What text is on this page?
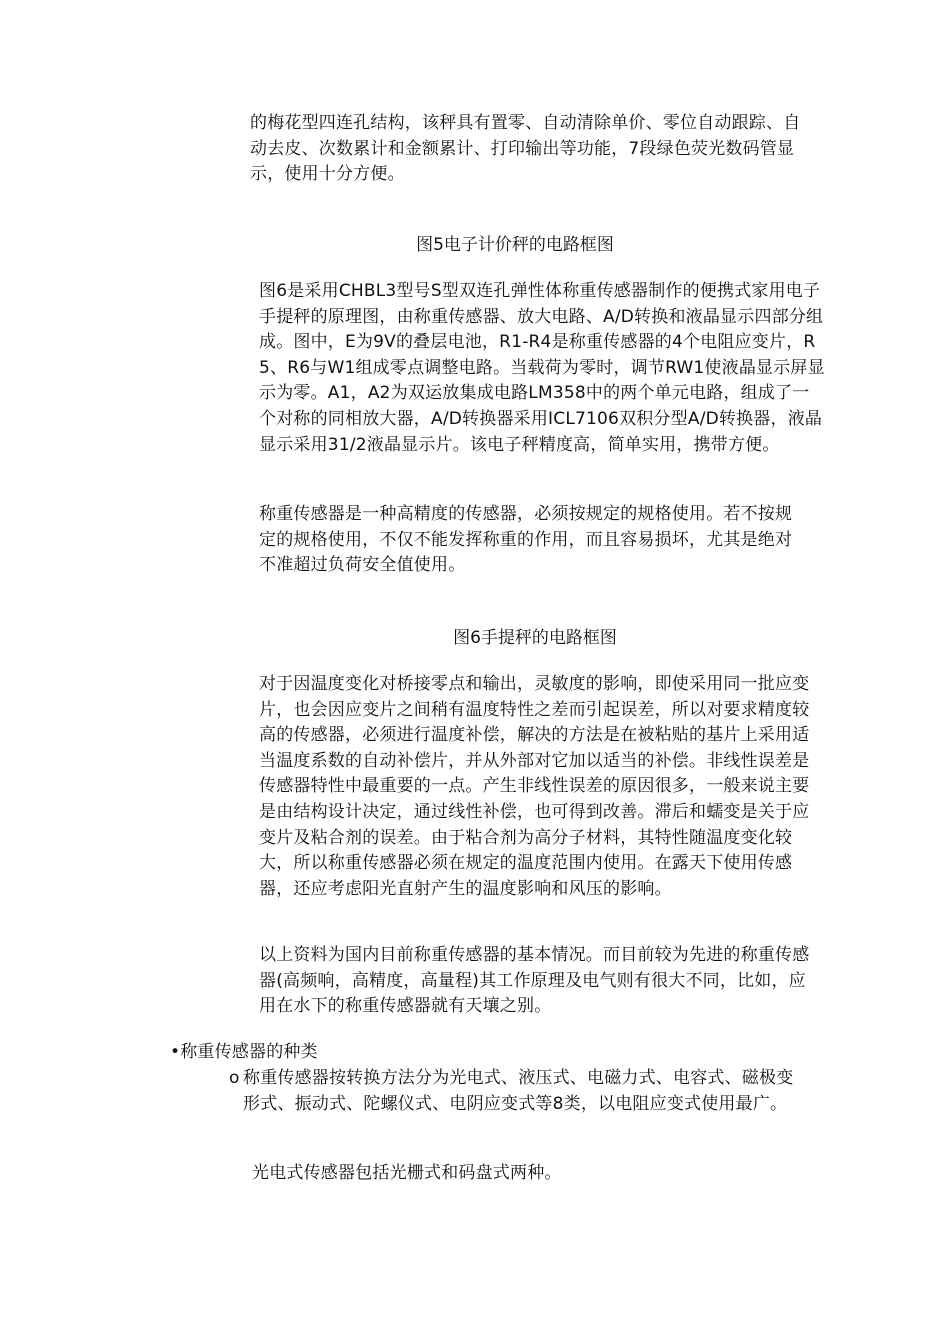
的梅花型四连孔结构，该秤具有置零、自动清除单价、零位自动跟踪、自动去皮、次数累计和金额累计、打印输出等功能，7段绿色荧光数码管显示，使用十分方便。

图5电子计价秤的电路框图

图6是采用CHBL3型号S型双连孔弹性体称重传感器制作的便携式家用电子手提秤的原理图，由称重传感器、放大电路、A/D转换和液晶显示四部分组成。图中，E为9V的叠层电池，R1-R4是称重传感器的4个电阻应变片，R5、R6与W1组成零点调整电路。当载荷为零时，调节RW1使液晶显示屏显示为零。A1，A2为双运放集成电路LM358中的两个单元电路，组成了一个对称的同相放大器，A/D转换器采用ICL7106双积分型A/D转换器，液晶显示采用31/2液晶显示片。该电子秤精度高，简单实用，携带方便。

称重传感器是一种高精度的传感器，必须按规定的规格使用。若不按规定的规格使用，不仅不能发挥称重的作用，而且容易损坏，尤其是绝对不准超过负荷安全值使用。

图6手提秤的电路框图

对于因温度变化对桥接零点和输出，灵敏度的影响，即使采用同一批应变片，也会因应变片之间稍有温度特性之差而引起误差，所以对要求精度较高的传感器，必须进行温度补偿，解决的方法是在被粘贴的基片上采用适当温度系数的自动补偿片，并从外部对它加以适当的补偿。非线性误差是传感器特性中最重要的一点。产生非线性误差的原因很多，一般来说主要是由结构设计决定，通过线性补偿，也可得到改善。滞后和蠕变是关于应变片及粘合剂的误差。由于粘合剂为高分子材料，其特性随温度变化较大，所以称重传感器必须在规定的温度范围内使用。在露天下使用传感器，还应考虑阳光直射产生的温度影响和风压的影响。

以上资料为国内目前称重传感器的基本情况。而目前较为先进的称重传感器(高频响，高精度，高量程)其工作原理及电气则有很大不同，比如，应用在水下的称重传感器就有天壤之别。

•称重传感器的种类
o 称重传感器按转换方法分为光电式、液压式、电磁力式、电容式、磁极变形式、振动式、陀螺仪式、电阴应变式等8类，以电阻应变式使用最广。

光电式传感器包括光栅式和码盘式两种。
